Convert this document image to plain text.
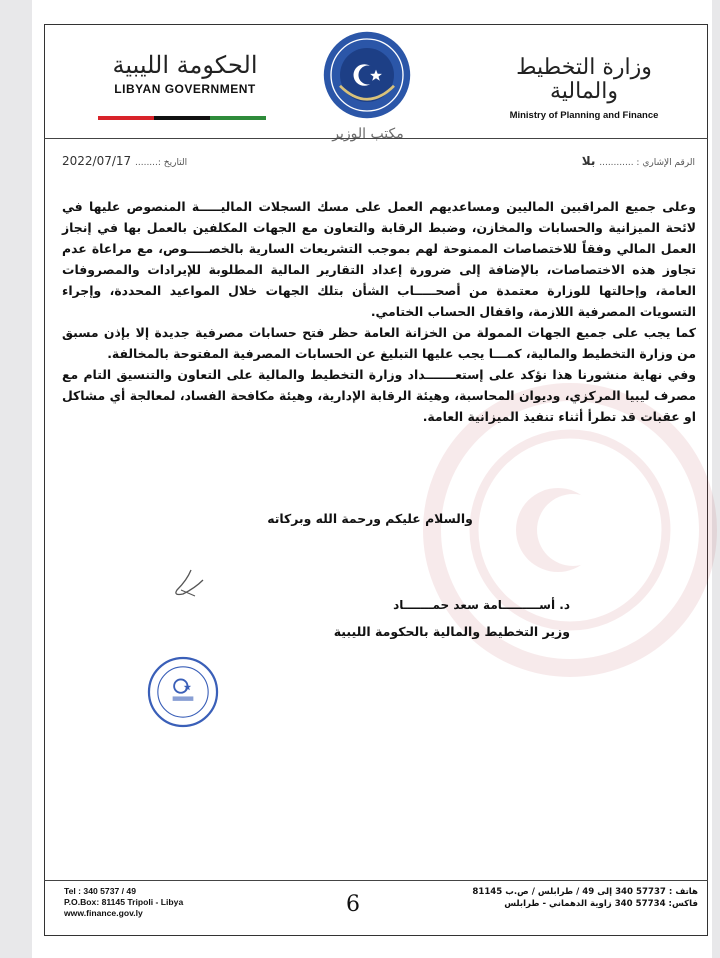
الحكومة الليبية
LIBYAN GOVERNMENT
مكتب الوزير
وزارة التخطيط والمالية
Ministry of Planning and Finance
الرقم الإشاري : ............ بلا
التاريخ :........ 2022/07/17

وعلى جميع المراقبين الماليين ومساعديهم العمل على مسك السجلات الماليـــــة المنصوص عليها في لائحة الميزانية والحسابات والمخازن، وضبط الرقابة والتعاون مع الجهات المكلفين بالعمل بها في إنجاز العمل المالي وفقاً للاختصاصات الممنوحة لهم بموجب التشريعات السارية بالخصـــــوص، مع مراعاة عدم تجاوز هذه الاختصاصات، بالإضافة إلى ضرورة إعداد التقارير المالية المطلوبة للإيرادات والمصروفات العامة، وإحالتها للوزارة معتمدة من أصحـــــاب الشأن بتلك الجهات خلال المواعيد المحددة، وإجراء التسويات المصرفية اللازمة، واقفال الحساب الختامي.

كما يجب على جميع الجهات الممولة من الخزانة العامة حظر فتح حسابات مصرفية جديدة إلا بإذن مسبق من وزارة التخطيط والمالية، كمـــا يجب عليها التبليغ عن الحسابات المصرفية المفتوحة بالمخالفة.

وفي نهاية منشورنا هذا نؤكد على إستعـــــــداد وزارة التخطيط والمالية على التعاون والتنسيق التام مع مصرف ليبيا المركزي، وديوان المحاسبة، وهيئة الرقابة الإدارية، وهيئة مكافحة الفساد، لمعالجة أي مشاكل او عقبات قد تطرأ أثناء تنفيذ الميزانية العامة.

والسلام عليكم ورحمة الله وبركاته
د. أســـــــــامة سعد حمـــــــاد
وزير التخطيط والمالية بالحكومة الليبية
Tel : 340 5737 / 49
P.O.Box: 81145 Tripoli - Libya
www.finance.gov.ly	6	هاتف : 57737 340 إلى 49 / طرابلس / ص.ب 81145
فاكس: 57734 340 زاوية الدهماني - طرابلس
